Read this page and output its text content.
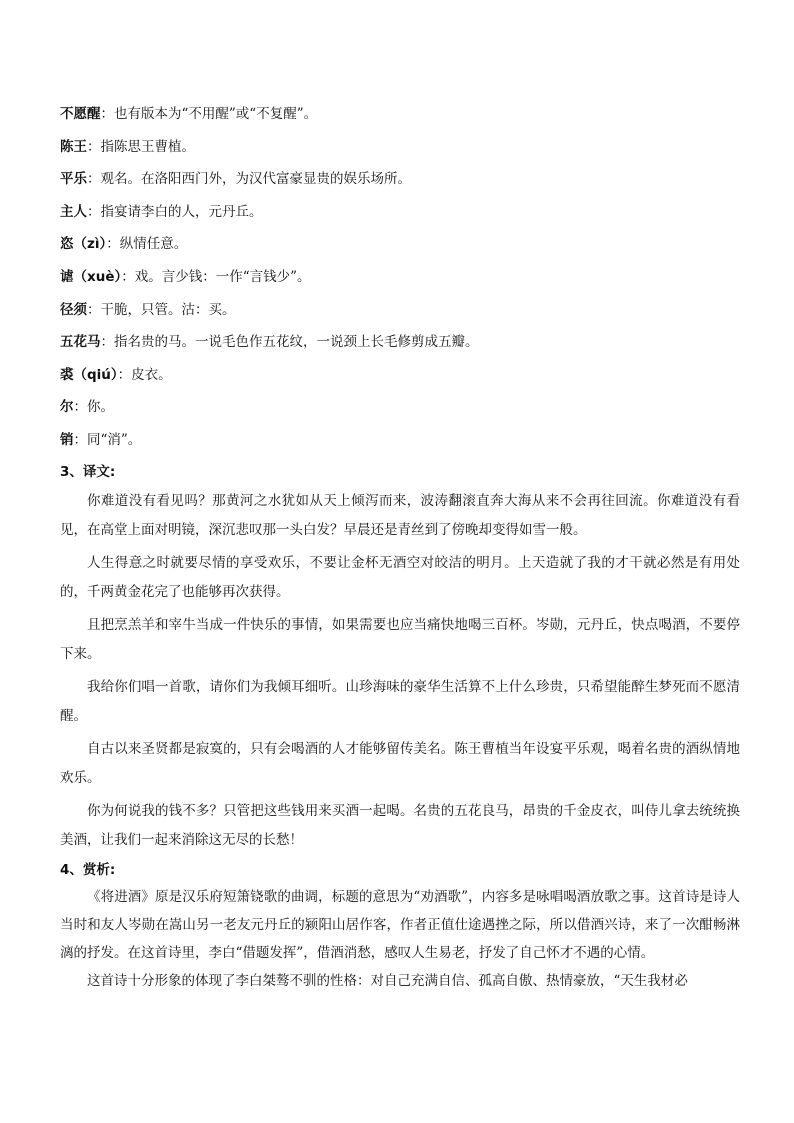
不愿醒：也有版本为“不用醒”或“不复醒”。
陈王：指陈思王曹植。
平乐：观名。在洛阳西门外，为汉代富豪显贵的娱乐场所。
主人：指宴请李白的人，元丹丘。
恣（zì）：纵情任意。
谑（xuè）：戏。言少钱：一作“言钱少”。
径须：干脆，只管。沽：买。
五花马：指名贵的马。一说毛色作五花纹，一说颈上长毛修剪成五瓣。
裘（qiú）：皮衣。
尔：你。
销：同“消”。
3、译文:

你难道没有看见吗？那黄河之水犹如从天上倾泻而来，波涛翻滚直奔大海从来不会再往回流。你难道没有看见，在高堂上面对明镜，深沉悲叹那一头白发？早晨还是青丝到了傍晚却变得如雪一般。

人生得意之时就要尽情的享受欢乐，不要让金杯无酒空对皎洁的明月。上天造就了我的才干就必然是有用处的，千两黄金花完了也能够再次获得。

且把烹羔羊和宰牛当成一件快乐的事情，如果需要也应当痛快地喝三百杯。岑勋，元丹丘，快点喝酒，不要停下来。

我给你们唱一首歌，请你们为我倾耳细听。山珍海味的豪华生活算不上什么珍贵，只希望能醉生梦死而不愿清醒。

自古以来圣贤都是寂寞的，只有会喝酒的人才能够留传美名。陈王曹植当年设宴平乐观，喝着名贵的酒纵情地欢乐。

你为何说我的钱不多？只管把这些钱用来买酒一起喝。名贵的五花良马，昂贵的千金皮衣，叫侍儿拿去统统换美酒，让我们一起来消除这无尽的长愁！

4、赏析:

《将进酒》原是汉乐府短箫铙歌的曲调，标题的意思为“劝酒歌”，内容多是咏唱喝酒放歌之事。这首诗是诗人当时和友人岑勋在嵩山另一老友元丹丘的颍阳山居作客，作者正值仕途遇挫之际，所以借酒兴诗，来了一次酣畅淋漓的抒发。在这首诗里，李白“借题发挥”，借酒消愁，感叹人生易老，抒发了自己怀才不遇的心情。

这首诗十分形象的体现了李白桀骜不驯的性格：对自己充满自信、孤高自傲、热情豪放，“天生我材必
